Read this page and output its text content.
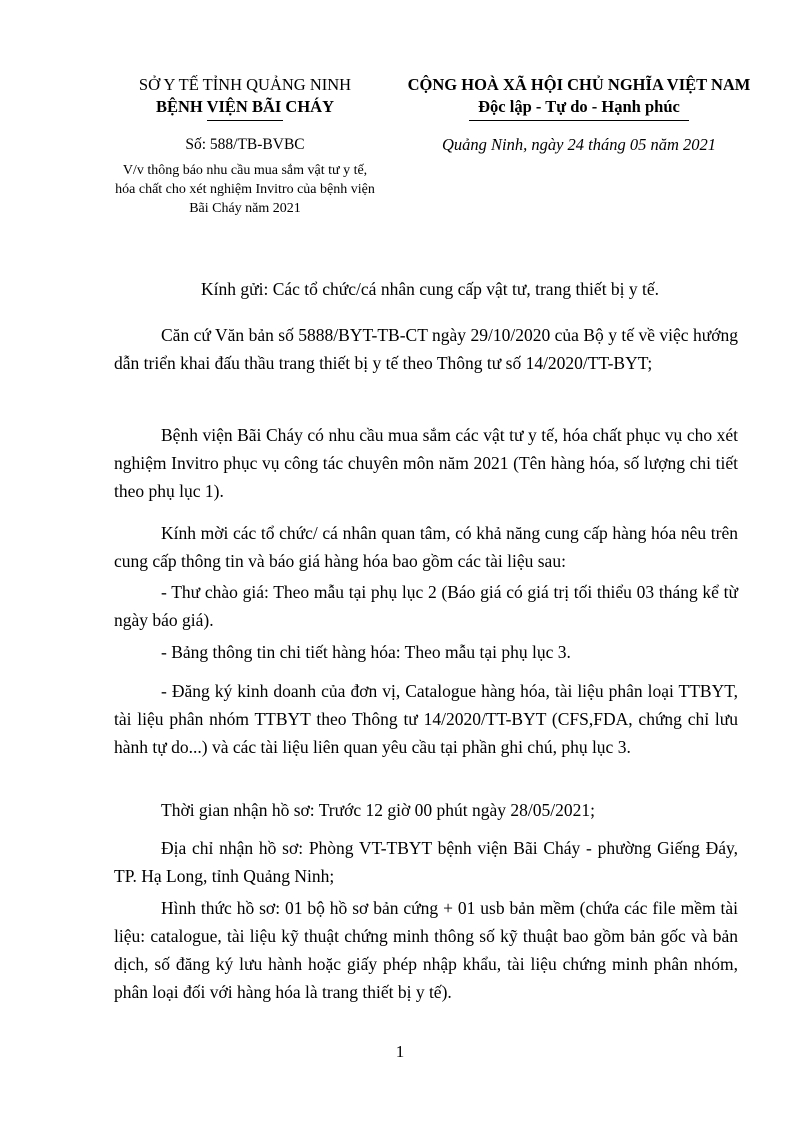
SỞ Y TẾ TỈNH QUẢNG NINH
BỆNH VIỆN BÃI CHÁY
Số: 588/TB-BVBC
V/v thông báo nhu cầu mua sắm vật tư y tế, hóa chất cho xét nghiệm Invitro của bệnh viện Bãi Cháy năm 2021
CỘNG HOÀ XÃ HỘI CHỦ NGHĨA VIỆT NAM
Độc lập - Tự do - Hạnh phúc
Quảng Ninh, ngày 24 tháng 05 năm 2021
Kính gửi: Các tổ chức/cá nhân cung cấp vật tư, trang thiết bị y tế.

Căn cứ Văn bản số 5888/BYT-TB-CT ngày 29/10/2020 của Bộ y tế về việc hướng dẫn triển khai đấu thầu trang thiết bị y tế theo Thông tư số 14/2020/TT-BYT;

Bệnh viện Bãi Cháy có nhu cầu mua sắm các vật tư y tế, hóa chất phục vụ cho xét nghiệm Invitro phục vụ công tác chuyên môn năm 2021 (Tên hàng hóa, số lượng chi tiết theo phụ lục 1).

Kính mời các tổ chức/ cá nhân quan tâm, có khả năng cung cấp hàng hóa nêu trên cung cấp thông tin và báo giá hàng hóa bao gồm các tài liệu sau:

- Thư chào giá: Theo mẫu tại phụ lục 2 (Báo giá có giá trị tối thiểu 03 tháng kể từ ngày báo giá).

- Bảng thông tin chi tiết hàng hóa: Theo mẫu tại phụ lục 3.

- Đăng ký kinh doanh của đơn vị, Catalogue hàng hóa, tài liệu phân loại TTBYT, tài liệu phân nhóm TTBYT theo Thông tư 14/2020/TT-BYT (CFS,FDA, chứng chỉ lưu hành tự do...) và các tài liệu liên quan yêu cầu tại phần ghi chú, phụ lục 3.

Thời gian nhận hồ sơ: Trước 12 giờ 00 phút ngày 28/05/2021;

Địa chỉ nhận hồ sơ: Phòng VT-TBYT bệnh viện Bãi Cháy - phường Giếng Đáy, TP. Hạ Long, tỉnh Quảng Ninh;

Hình thức hồ sơ: 01 bộ hồ sơ bản cứng + 01 usb bản mềm (chứa các file mềm tài liệu: catalogue, tài liệu kỹ thuật chứng minh thông số kỹ thuật bao gồm bản gốc và bản dịch, số đăng ký lưu hành hoặc giấy phép nhập khẩu, tài liệu chứng minh phân nhóm, phân loại đối với hàng hóa là trang thiết bị y tế).

1
